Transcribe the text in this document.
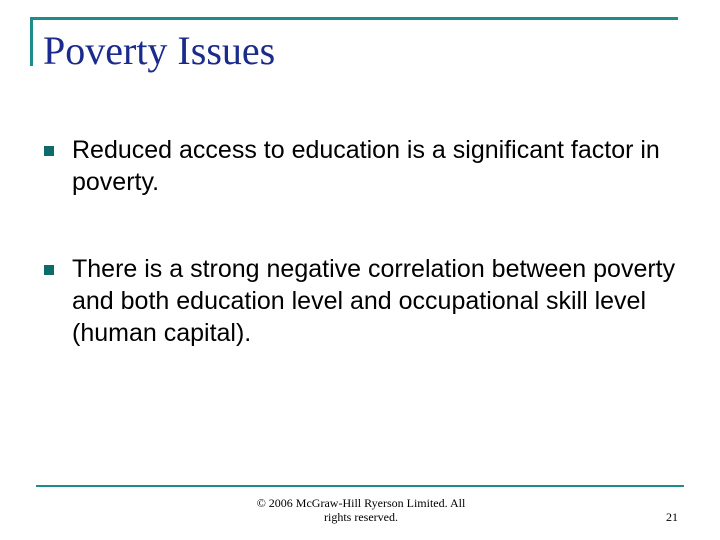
Poverty Issues
Reduced access to education is a significant factor in poverty.
There is a strong negative correlation between poverty and both education level and occupational skill level (human capital).
© 2006 McGraw-Hill Ryerson Limited. All
rights reserved.	21
